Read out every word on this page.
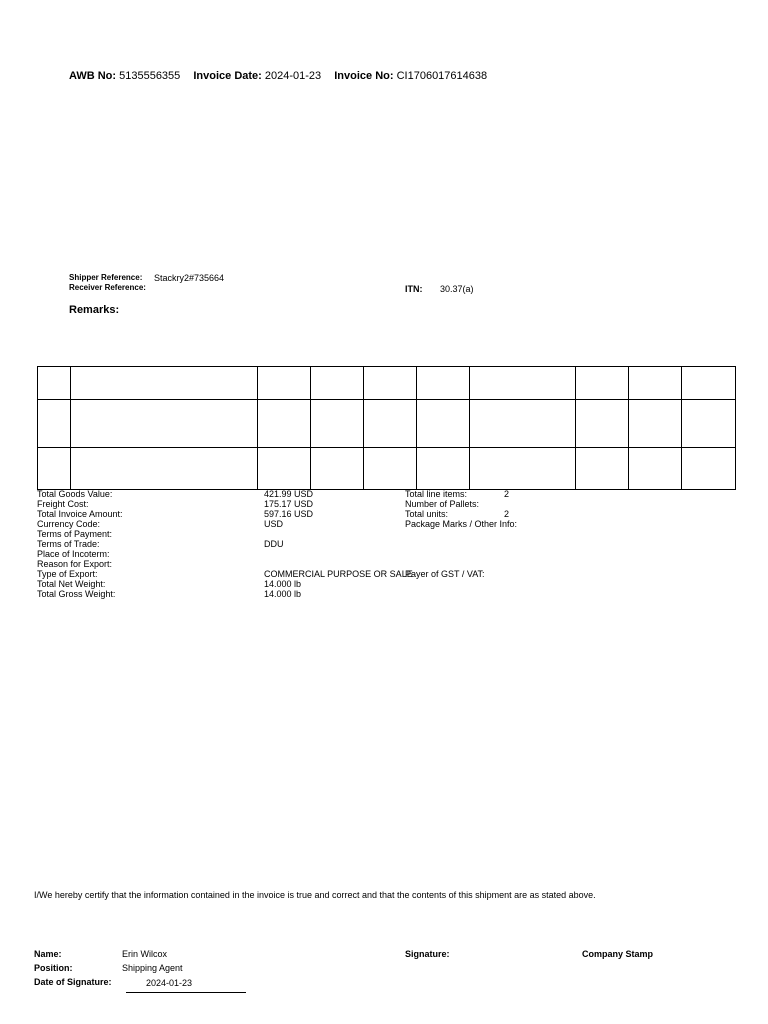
AWB No: 5135556355 Invoice Date: 2024-01-23 Invoice No: CI1706017614638
Shipper Reference: Stackry2#735664
Receiver Reference:	ITN: 30.37(a)
Remarks:

Total Goods Value:	421.99 USD
Freight Cost:	175.17 USD
Total Invoice Amount:	597.16 USD
Currency Code:	USD
Terms of Payment:
Terms of Trade:	DDU
Place of Incoterm:
Reason for Export:
Type of Export:	COMMERCIAL PURPOSE OR SALE
Total Net Weight:	14.000 lb
Total Gross Weight:	14.000 lb
Total line items:	2
Number of Pallets:
Total units:	2
Package Marks / Other Info:
Payer of GST / VAT:
I/We hereby certify that the information contained in the invoice is true and correct and that the contents of this shipment are as stated above.
Name:	Erin Wilcox
Position:	Shipping Agent
Date of Signature:	2024-01-23
Signature:	Company Stamp
